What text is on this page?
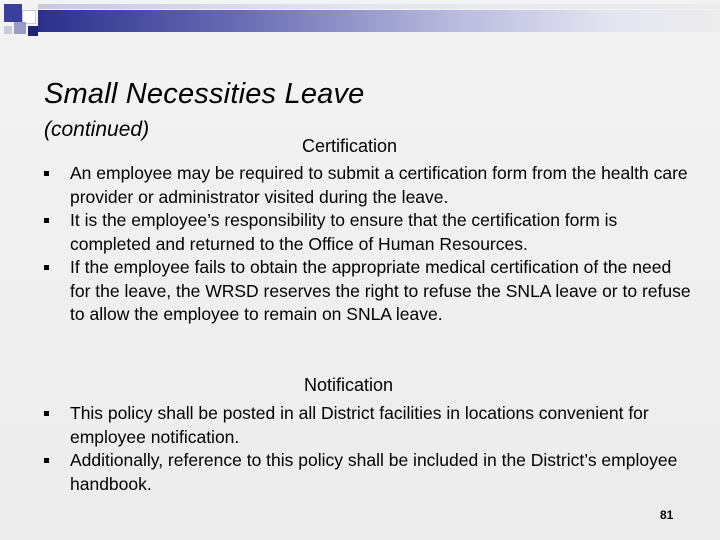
Small Necessities Leave
(continued)
Certification
An employee may be required to submit a certification form from the health care provider or administrator visited during the leave.
It is the employee’s responsibility to ensure that the certification form is completed and returned to the Office of Human Resources.
If the employee fails to obtain the appropriate medical certification of the need for the leave, the WRSD reserves the right to refuse the SNLA leave or to refuse to allow the employee to remain on SNLA leave.
Notification
This policy shall be posted in all District facilities in locations convenient for employee notification.
Additionally, reference to this policy shall be included in the District’s employee handbook.
81
